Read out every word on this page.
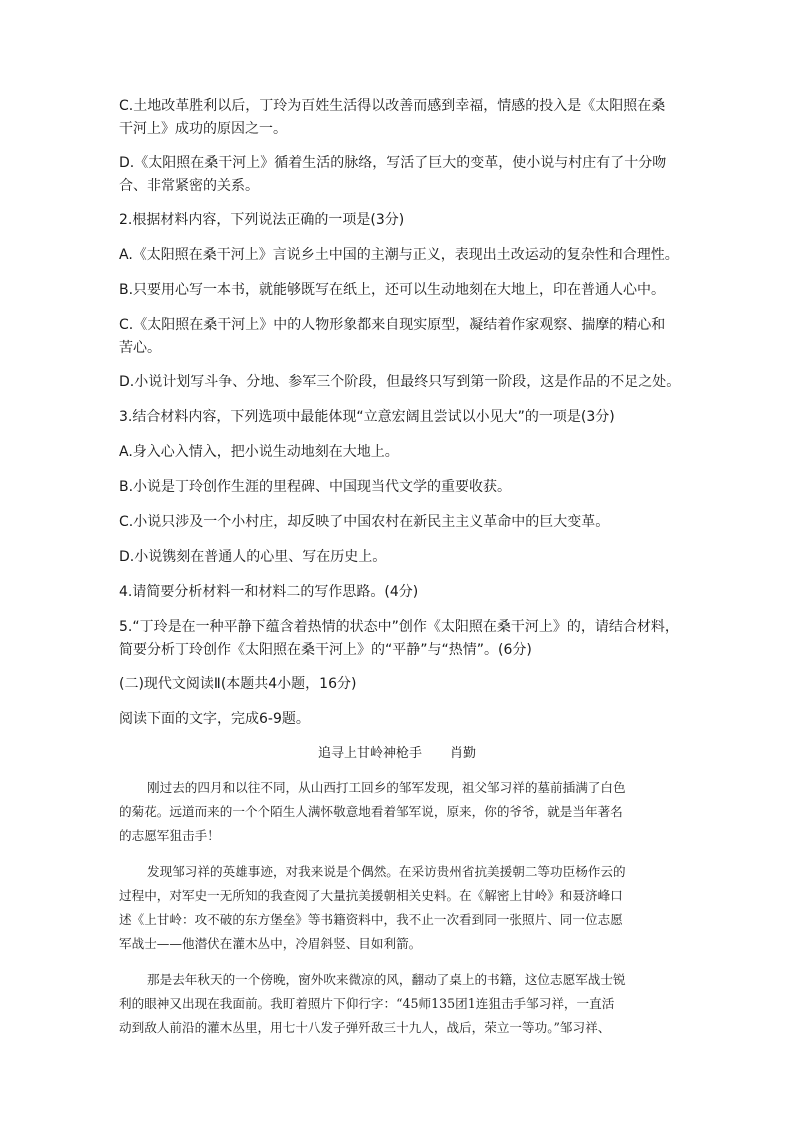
C.土地改革胜利以后，丁玲为百姓生活得以改善而感到幸福，情感的投入是《太阳照在桑
干河上》成功的原因之一。
D.《太阳照在桑干河上》循着生活的脉络，写活了巨大的变革，使小说与村庄有了十分吻
合、非常紧密的关系。
2.根据材料内容，下列说法正确的一项是(3分)
A.《太阳照在桑干河上》言说乡土中国的主潮与正义，表现出土改运动的复杂性和合理性。
B.只要用心写一本书，就能够既写在纸上，还可以生动地刻在大地上，印在普通人心中。
C.《太阳照在桑干河上》中的人物形象都来自现实原型，凝结着作家观察、揣摩的精心和
苦心。
D.小说计划写斗争、分地、参军三个阶段，但最终只写到第一阶段，这是作品的不足之处。
3.结合材料内容，下列选项中最能体现“立意宏阔且尝试以小见大”的一项是(3分)
A.身入心入情入，把小说生动地刻在大地上。
B.小说是丁玲创作生涯的里程碑、中国现当代文学的重要收获。
C.小说只涉及一个小村庄，却反映了中国农村在新民主主义革命中的巨大变革。
D.小说镌刻在普通人的心里、写在历史上。
4.请简要分析材料一和材料二的写作思路。(4分)
5.“丁玲是在一种平静下蕴含着热情的状态中”创作《太阳照在桑干河上》的，请结合材料，
简要分析丁玲创作《太阳照在桑干河上》的“平静”与“热情”。(6分)
(二)现代文阅读Ⅱ(本题共4小题，16分)
阅读下面的文字，完成6-9题。
追寻上甘岭神枪手 肖勤
刚过去的四月和以往不同，从山西打工回乡的邹军发现，祖父邹习祥的墓前插满了白色
的菊花。远道而来的一个个陌生人满怀敬意地看着邹军说，原来，你的爷爷，就是当年著名
的志愿军狙击手！
发现邹习祥的英雄事迹，对我来说是个偶然。在采访贵州省抗美援朝二等功臣杨作云的
过程中，对军史一无所知的我查阅了大量抗美援朝相关史料。在《解密上甘岭》和聂济峰口
述《上甘岭：攻不破的东方堡垒》等书籍资料中，我不止一次看到同一张照片、同一位志愿
军战士——他潜伏在灌木丛中，冷眉斜竖、目如利箭。
那是去年秋天的一个傍晚，窗外吹来微凉的风，翻动了桌上的书籍，这位志愿军战士锐
利的眼神又出现在我面前。我盯着照片下仰行字：“45师135团1连狙击手邹习祥，一直活
动到敌人前沿的灌木丛里，用七十八发子弹歼敌三十九人，战后，荣立一等功。”邹习祥、
